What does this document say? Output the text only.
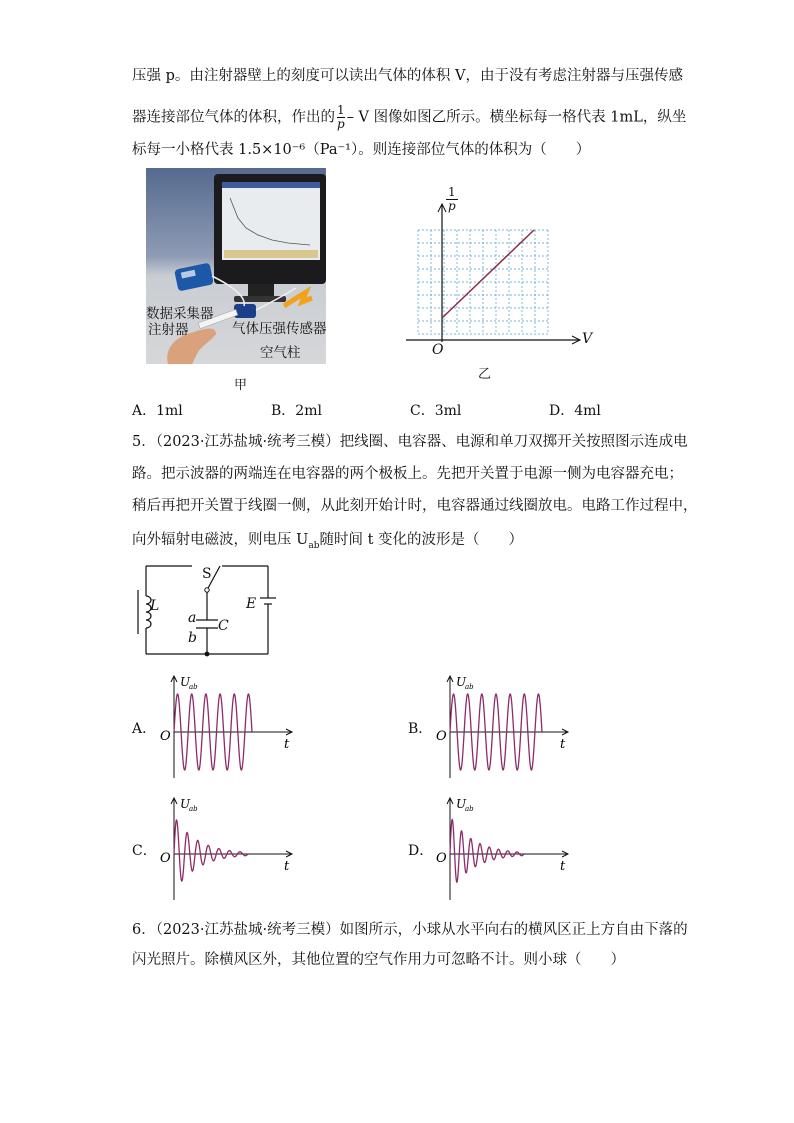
压强 p。由注射器壁上的刻度可以读出气体的体积 V，由于没有考虑注射器与压强传感
器连接部位气体的体积，作出的 $\frac{1}{p}$ – V 图像如图乙所示。横坐标每一格代表 1mL，纵坐
标每一小格代表 1.5×10⁻⁶（Pa⁻¹）。则连接部位气体的体积为（　　）
数据采集器
注射器	气体压强传感器
空气柱
甲
1
p
V
O
乙
A．1ml	B．2ml	C．3ml	D．4ml
5．（2023·江苏盐城·统考三模）把线圈、电容器、电源和单刀双掷开关按照图示连成电
路。把示波器的两端连在电容器的两个极板上。先把开关置于电源一侧为电容器充电；
稍后再把开关置于线圈一侧，从此刻开始计时，电容器通过线圈放电。电路工作过程中，
向外辐射电磁波，则电压 $U_{ab}$随时间 t 变化的波形是（　　）
S
L	E
C
a
b
A．
U
ab
O
t
B．
U
ab
O
t
C．
U
ab
O
t
D．
U
ab
O
t
6．（2023·江苏盐城·统考三模）如图所示，小球从水平向右的横风区正上方自由下落的
闪光照片。除横风区外，其他位置的空气作用力可忽略不计。则小球（　　）
